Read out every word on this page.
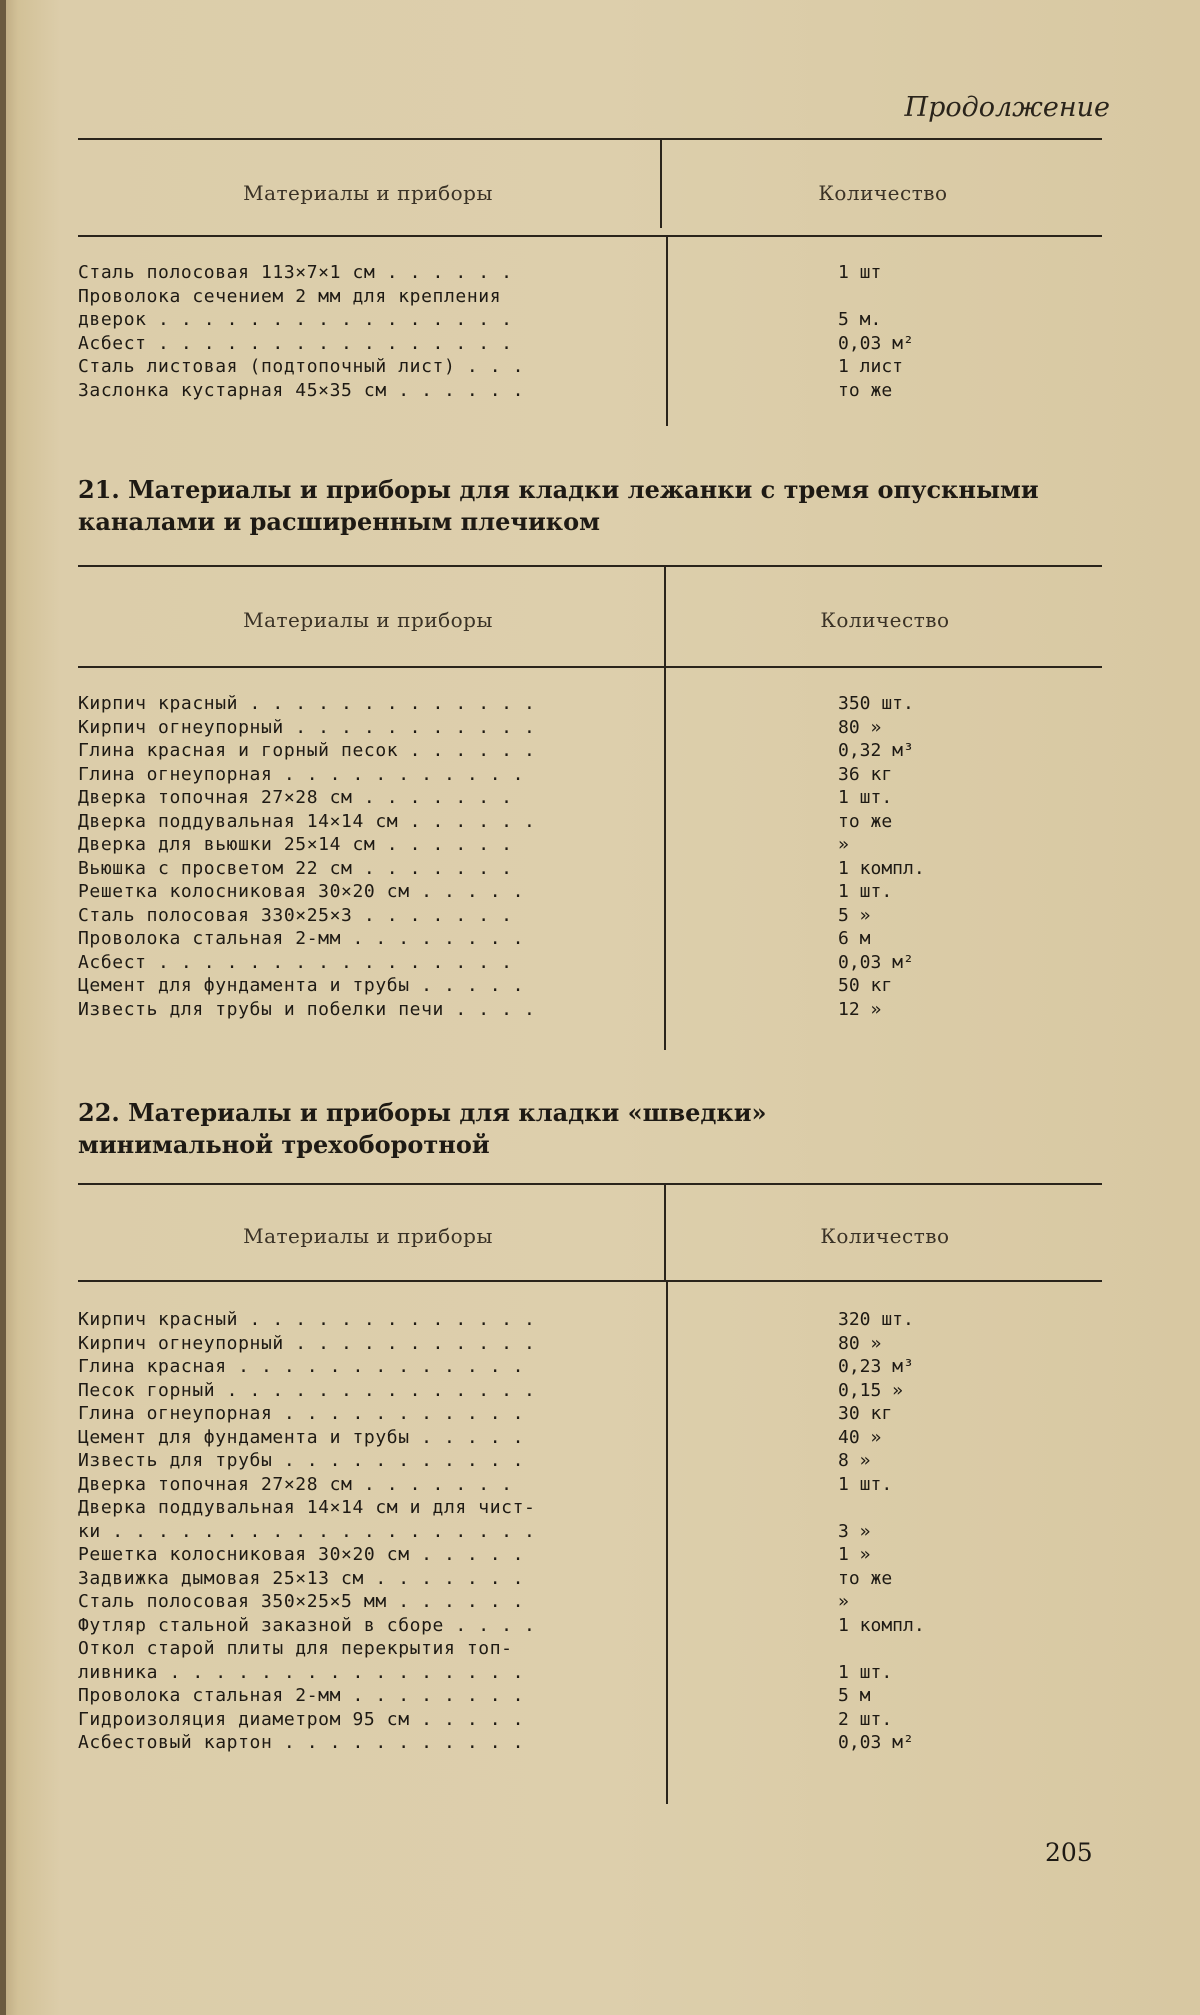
Продолжение
Материалы и приборы	Количество
Сталь полосовая 113×7×1 см . . . . . .	1 шт
Проволока сечением 2 мм для крепления
дверок . . . . . . . . . . . . . . . .	5 м.
Асбест . . . . . . . . . . . . . . . .	0,03 м²
Сталь листовая (подтопочный лист) . . .	1 лист
Заслонка кустарная 45×35 см . . . . . .	то же
21. Материалы и приборы для кладки лежанки с тремя опускными каналами и расширенным плечиком
Материалы и приборы	Количество
Кирпич красный . . . . . . . . . . . . .	350 шт.
Кирпич огнеупорный . . . . . . . . . . .	80 »
Глина красная и горный песок . . . . . .	0,32 м³
Глина огнеупорная . . . . . . . . . . .	36 кг
Дверка топочная 27×28 см . . . . . . .	1 шт.
Дверка поддувальная 14×14 см . . . . . .	то же
Дверка для вьюшки 25×14 см . . . . . .	»
Вьюшка с просветом 22 см . . . . . . .	1 компл.
Решетка колосниковая 30×20 см . . . . .	1 шт.
Сталь полосовая 330×25×3 . . . . . . .	5 »
Проволока стальная 2-мм . . . . . . . .	6 м
Асбест . . . . . . . . . . . . . . . .	0,03 м²
Цемент для фундамента и трубы . . . . .	50 кг
Известь для трубы и побелки печи . . . .	12 »
22. Материалы и приборы для кладки «шведки» минимальной трехоборотной
Материалы и приборы	Количество
Кирпич красный . . . . . . . . . . . . .	320 шт.
Кирпич огнеупорный . . . . . . . . . . .	80 »
Глина красная . . . . . . . . . . . . .	0,23 м³
Песок горный . . . . . . . . . . . . . .	0,15 »
Глина огнеупорная . . . . . . . . . . .	30 кг
Цемент для фундамента и трубы . . . . .	40 »
Известь для трубы . . . . . . . . . . .	8 »
Дверка топочная 27×28 см . . . . . . .	1 шт.
Дверка поддувальная 14×14 см и для чист-
ки . . . . . . . . . . . . . . . . . . .	3 »
Решетка колосниковая 30×20 см . . . . .	1 »
Задвижка дымовая 25×13 см . . . . . . .	то же
Сталь полосовая 350×25×5 мм . . . . . .	»
Футляр стальной заказной в сборе . . . .	1 компл.
Откол старой плиты для перекрытия топ-
ливника . . . . . . . . . . . . . . . .	1 шт.
Проволока стальная 2-мм . . . . . . . .	5 м
Гидроизоляция диаметром 95 см . . . . .	2 шт.
Асбестовый картон . . . . . . . . . . .	0,03 м²
205
